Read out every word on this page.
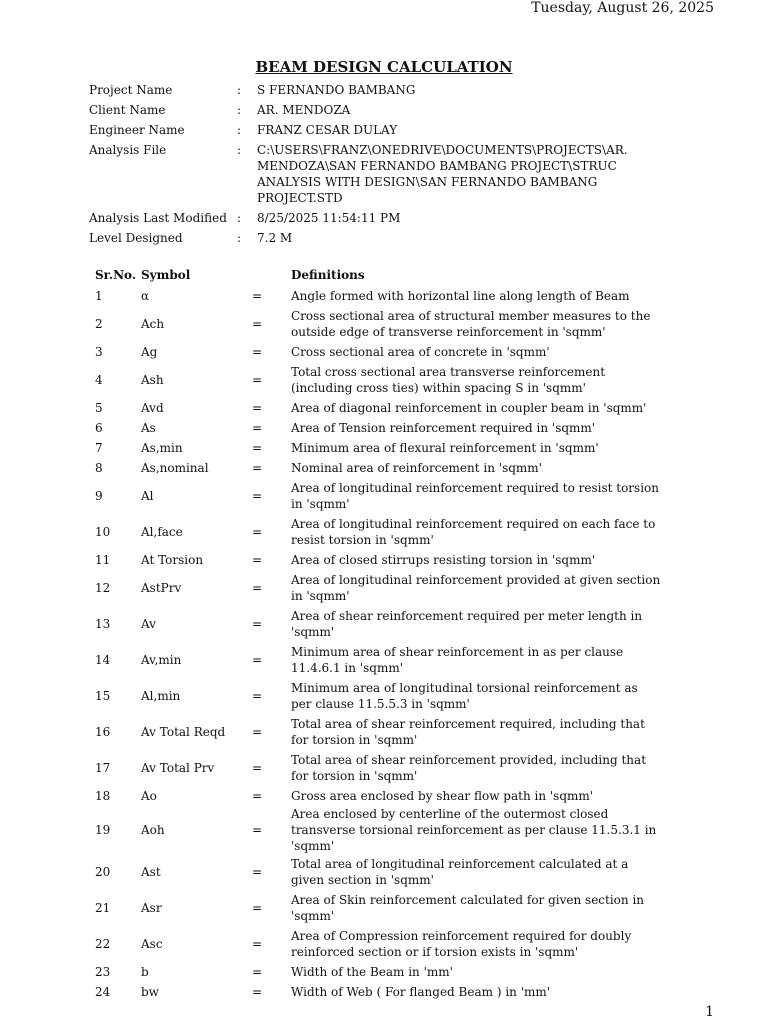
Tuesday, August 26, 2025
BEAM DESIGN CALCULATION
Project Name	:	S FERNANDO BAMBANG
Client Name	:	AR. MENDOZA
Engineer Name	:	FRANZ CESAR DULAY
Analysis File	:	C:\USERS\FRANZ\ONEDRIVE\DOCUMENTS\PROJECTS\AR. MENDOZA\SAN FERNANDO BAMBANG PROJECT\STRUC ANALYSIS WITH DESIGN\SAN FERNANDO BAMBANG PROJECT.STD
Analysis Last Modified :	8/25/2025 11:54:11 PM
Level Designed	:	7.2 M
Sr.No. Symbol	Definitions
1	α	=	Angle formed with horizontal line along length of Beam
2	Ach	=
Cross sectional area of structural member measures to the outside edge of transverse reinforcement in 'sqmm'
3	Ag	=	Cross sectional area of concrete in 'sqmm'
4	Ash	=
Total cross sectional area transverse reinforcement (including cross ties) within spacing S in 'sqmm'
5	Avd	=	Area of diagonal reinforcement in coupler beam in 'sqmm'
6	As	=	Area of Tension reinforcement required in 'sqmm'
7	As,min	=	Minimum area of flexural reinforcement in 'sqmm'
8	As,nominal	=	Nominal area of reinforcement in 'sqmm'
9	Al	=
Area of longitudinal reinforcement required to resist torsion in 'sqmm'
10	Al,face	=
Area of longitudinal reinforcement required on each face to resist torsion in 'sqmm'
11	At Torsion	=	Area of closed stirrups resisting torsion in 'sqmm'
12	AstPrv	=
Area of longitudinal reinforcement provided at given section in 'sqmm'
13	Av	=
Area of shear reinforcement required per meter length in 'sqmm'
14	Av,min	=
Minimum area of shear reinforcement in as per clause 11.4.6.1 in 'sqmm'
15	Al,min	=
Minimum area of longitudinal torsional reinforcement as per clause 11.5.5.3 in 'sqmm'
16	Av Total Reqd	=
Total area of shear reinforcement required, including that for torsion in 'sqmm'
17	Av Total Prv	=
Total area of shear reinforcement provided, including that for torsion in 'sqmm'
18	Ao	=	Gross area enclosed by shear flow path in 'sqmm'
19	Aoh	=
Area enclosed by centerline of the outermost closed transverse torsional reinforcement as per clause 11.5.3.1 in 'sqmm'
20	Ast	=
Total area of longitudinal reinforcement calculated at a given section in 'sqmm'
21	Asr	=
Area of Skin reinforcement calculated for given section in 'sqmm'
22	Asc	=
Area of Compression reinforcement required for doubly reinforced section or if torsion exists in 'sqmm'
23	b	=	Width of the Beam in 'mm'
24	bw	=	Width of Web ( For flanged Beam ) in 'mm'
1
